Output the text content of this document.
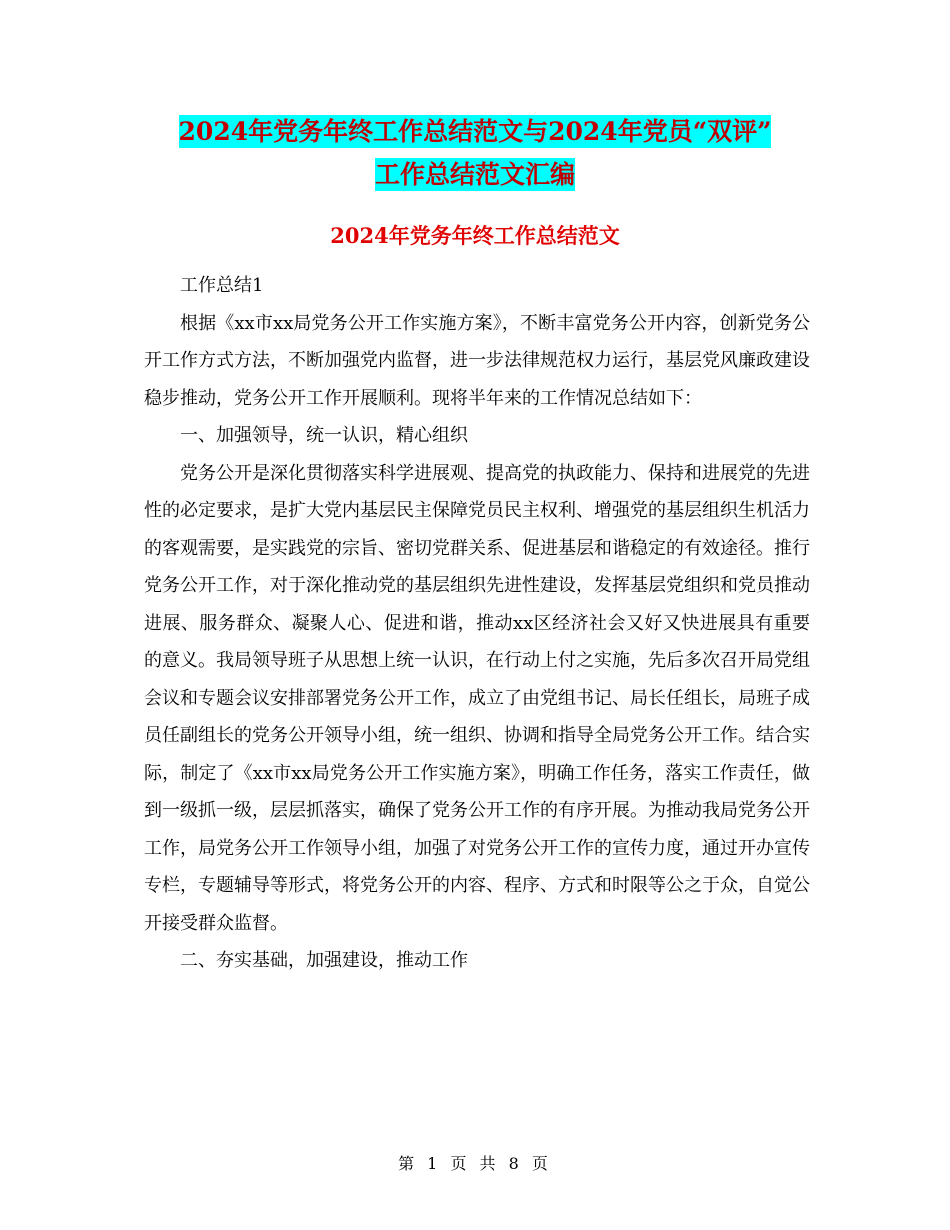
2024年党务年终工作总结范文与2024年党员“双评”
工作总结范文汇编
2024年党务年终工作总结范文

工作总结1

根据《xx市xx局党务公开工作实施方案》，不断丰富党务公开内容，创新党务公开工作方式方法，不断加强党内监督，进一步法律规范权力运行，基层党风廉政建设稳步推动，党务公开工作开展顺利。现将半年来的工作情况总结如下：

一、加强领导，统一认识，精心组织

党务公开是深化贯彻落实科学进展观、提高党的执政能力、保持和进展党的先进性的必定要求，是扩大党内基层民主保障党员民主权利、增强党的基层组织生机活力的客观需要，是实践党的宗旨、密切党群关系、促进基层和谐稳定的有效途径。推行党务公开工作，对于深化推动党的基层组织先进性建设，发挥基层党组织和党员推动进展、服务群众、凝聚人心、促进和谐，推动xx区经济社会又好又快进展具有重要的意义。我局领导班子从思想上统一认识，在行动上付之实施，先后多次召开局党组会议和专题会议安排部署党务公开工作，成立了由党组书记、局长任组长，局班子成员任副组长的党务公开领导小组，统一组织、协调和指导全局党务公开工作。结合实际，制定了《xx市xx局党务公开工作实施方案》，明确工作任务，落实工作责任，做到一级抓一级，层层抓落实，确保了党务公开工作的有序开展。为推动我局党务公开工作，局党务公开工作领导小组，加强了对党务公开工作的宣传力度，通过开办宣传专栏，专题辅导等形式，将党务公开的内容、程序、方式和时限等公之于众，自觉公开接受群众监督。

二、夯实基础，加强建设，推动工作

第 1 页 共 8 页
